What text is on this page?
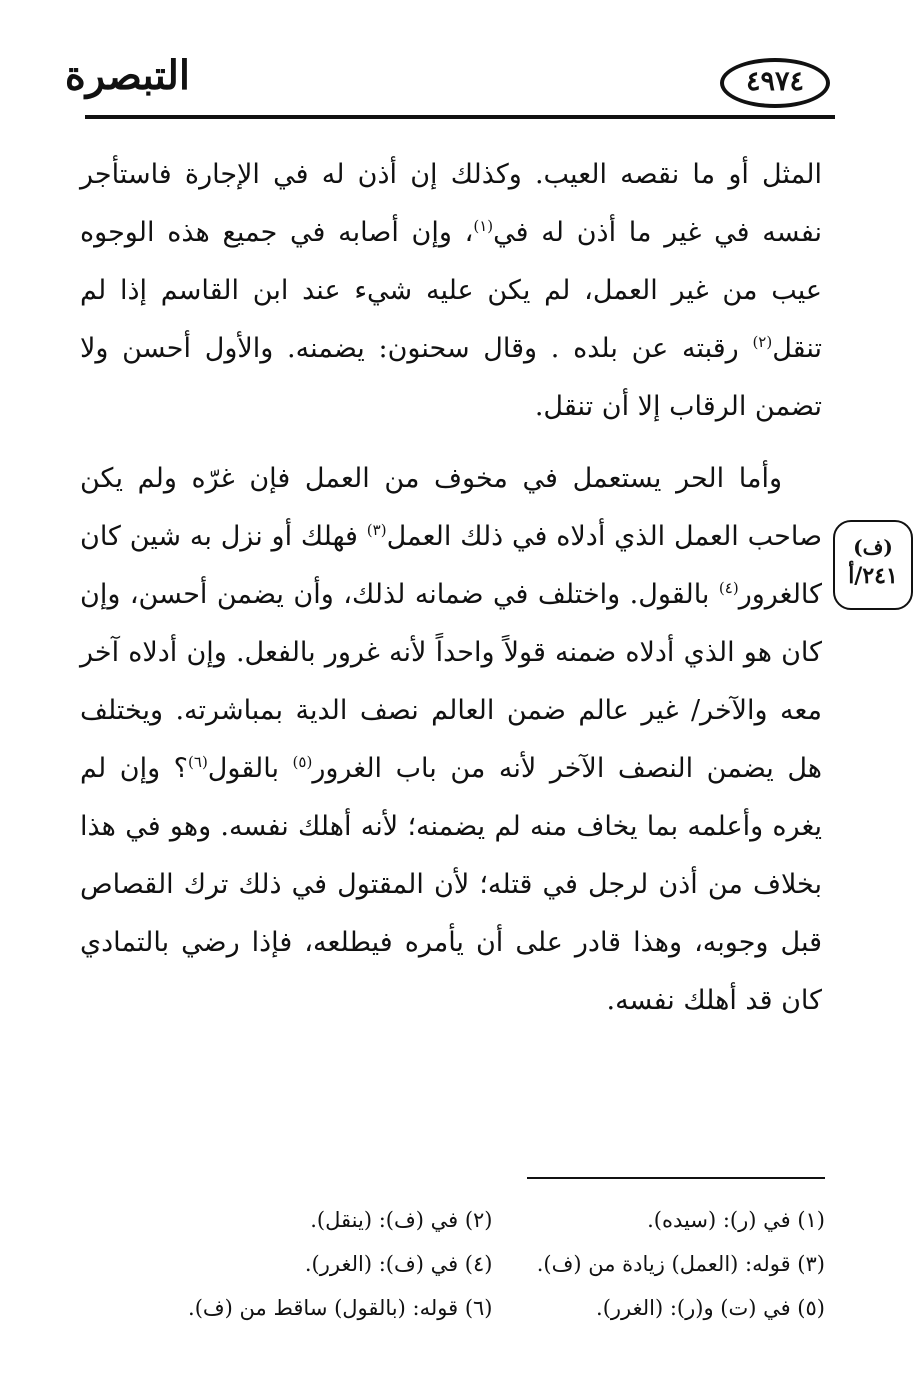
التبصرة	٤٩٧٤

المثل أو ما نقصه العيب. وكذلك إن أذن له في الإجارة فاستأجر نفسه في غير ما أذن له في$^{(١)}$، وإن أصابه في جميع هذه الوجوه عيب من غير العمل، لم يكن عليه شيء عند ابن القاسم إذا لم تنقل$^{(٢)}$ رقبته عن بلده . وقال سحنون: يضمنه. والأول أحسن ولا تضمن الرقاب إلا أن تنقل.

وأما الحر يستعمل في مخوف من العمل فإن غرّه ولم يكن صاحب العمل الذي أدلاه في ذلك العمل$^{(٣)}$ فهلك أو نزل به شين كان كالغرور$^{(٤)}$ بالقول. واختلف في ضمانه لذلك، وأن يضمن أحسن، وإن كان هو الذي أدلاه ضمنه قولاً واحداً لأنه غرور بالفعل. وإن أدلاه آخر معه والآخر/ غير عالم ضمن العالم نصف الدية بمباشرته. ويختلف هل يضمن النصف الآخر لأنه من باب الغرور$^{(٥)}$ بالقول$^{(٦)}$؟ وإن لم يغره وأعلمه بما يخاف منه لم يضمنه؛ لأنه أهلك نفسه. وهو في هذا بخلاف من أذن لرجل في قتله؛ لأن المقتول في ذلك ترك القصاص قبل وجوبه، وهذا قادر على أن يأمره فيطلعه، فإذا رضي بالتمادي كان قد أهلك نفسه.

(ف)
٢٤١/أ
(١) في (ر): (سيده).
(٢) في (ف): (ينقل).
(٣) قوله: (العمل) زيادة من (ف).
(٤) في (ف): (الغرر).
(٥) في (ت) و(ر): (الغرر).
(٦) قوله: (بالقول) ساقط من (ف).
